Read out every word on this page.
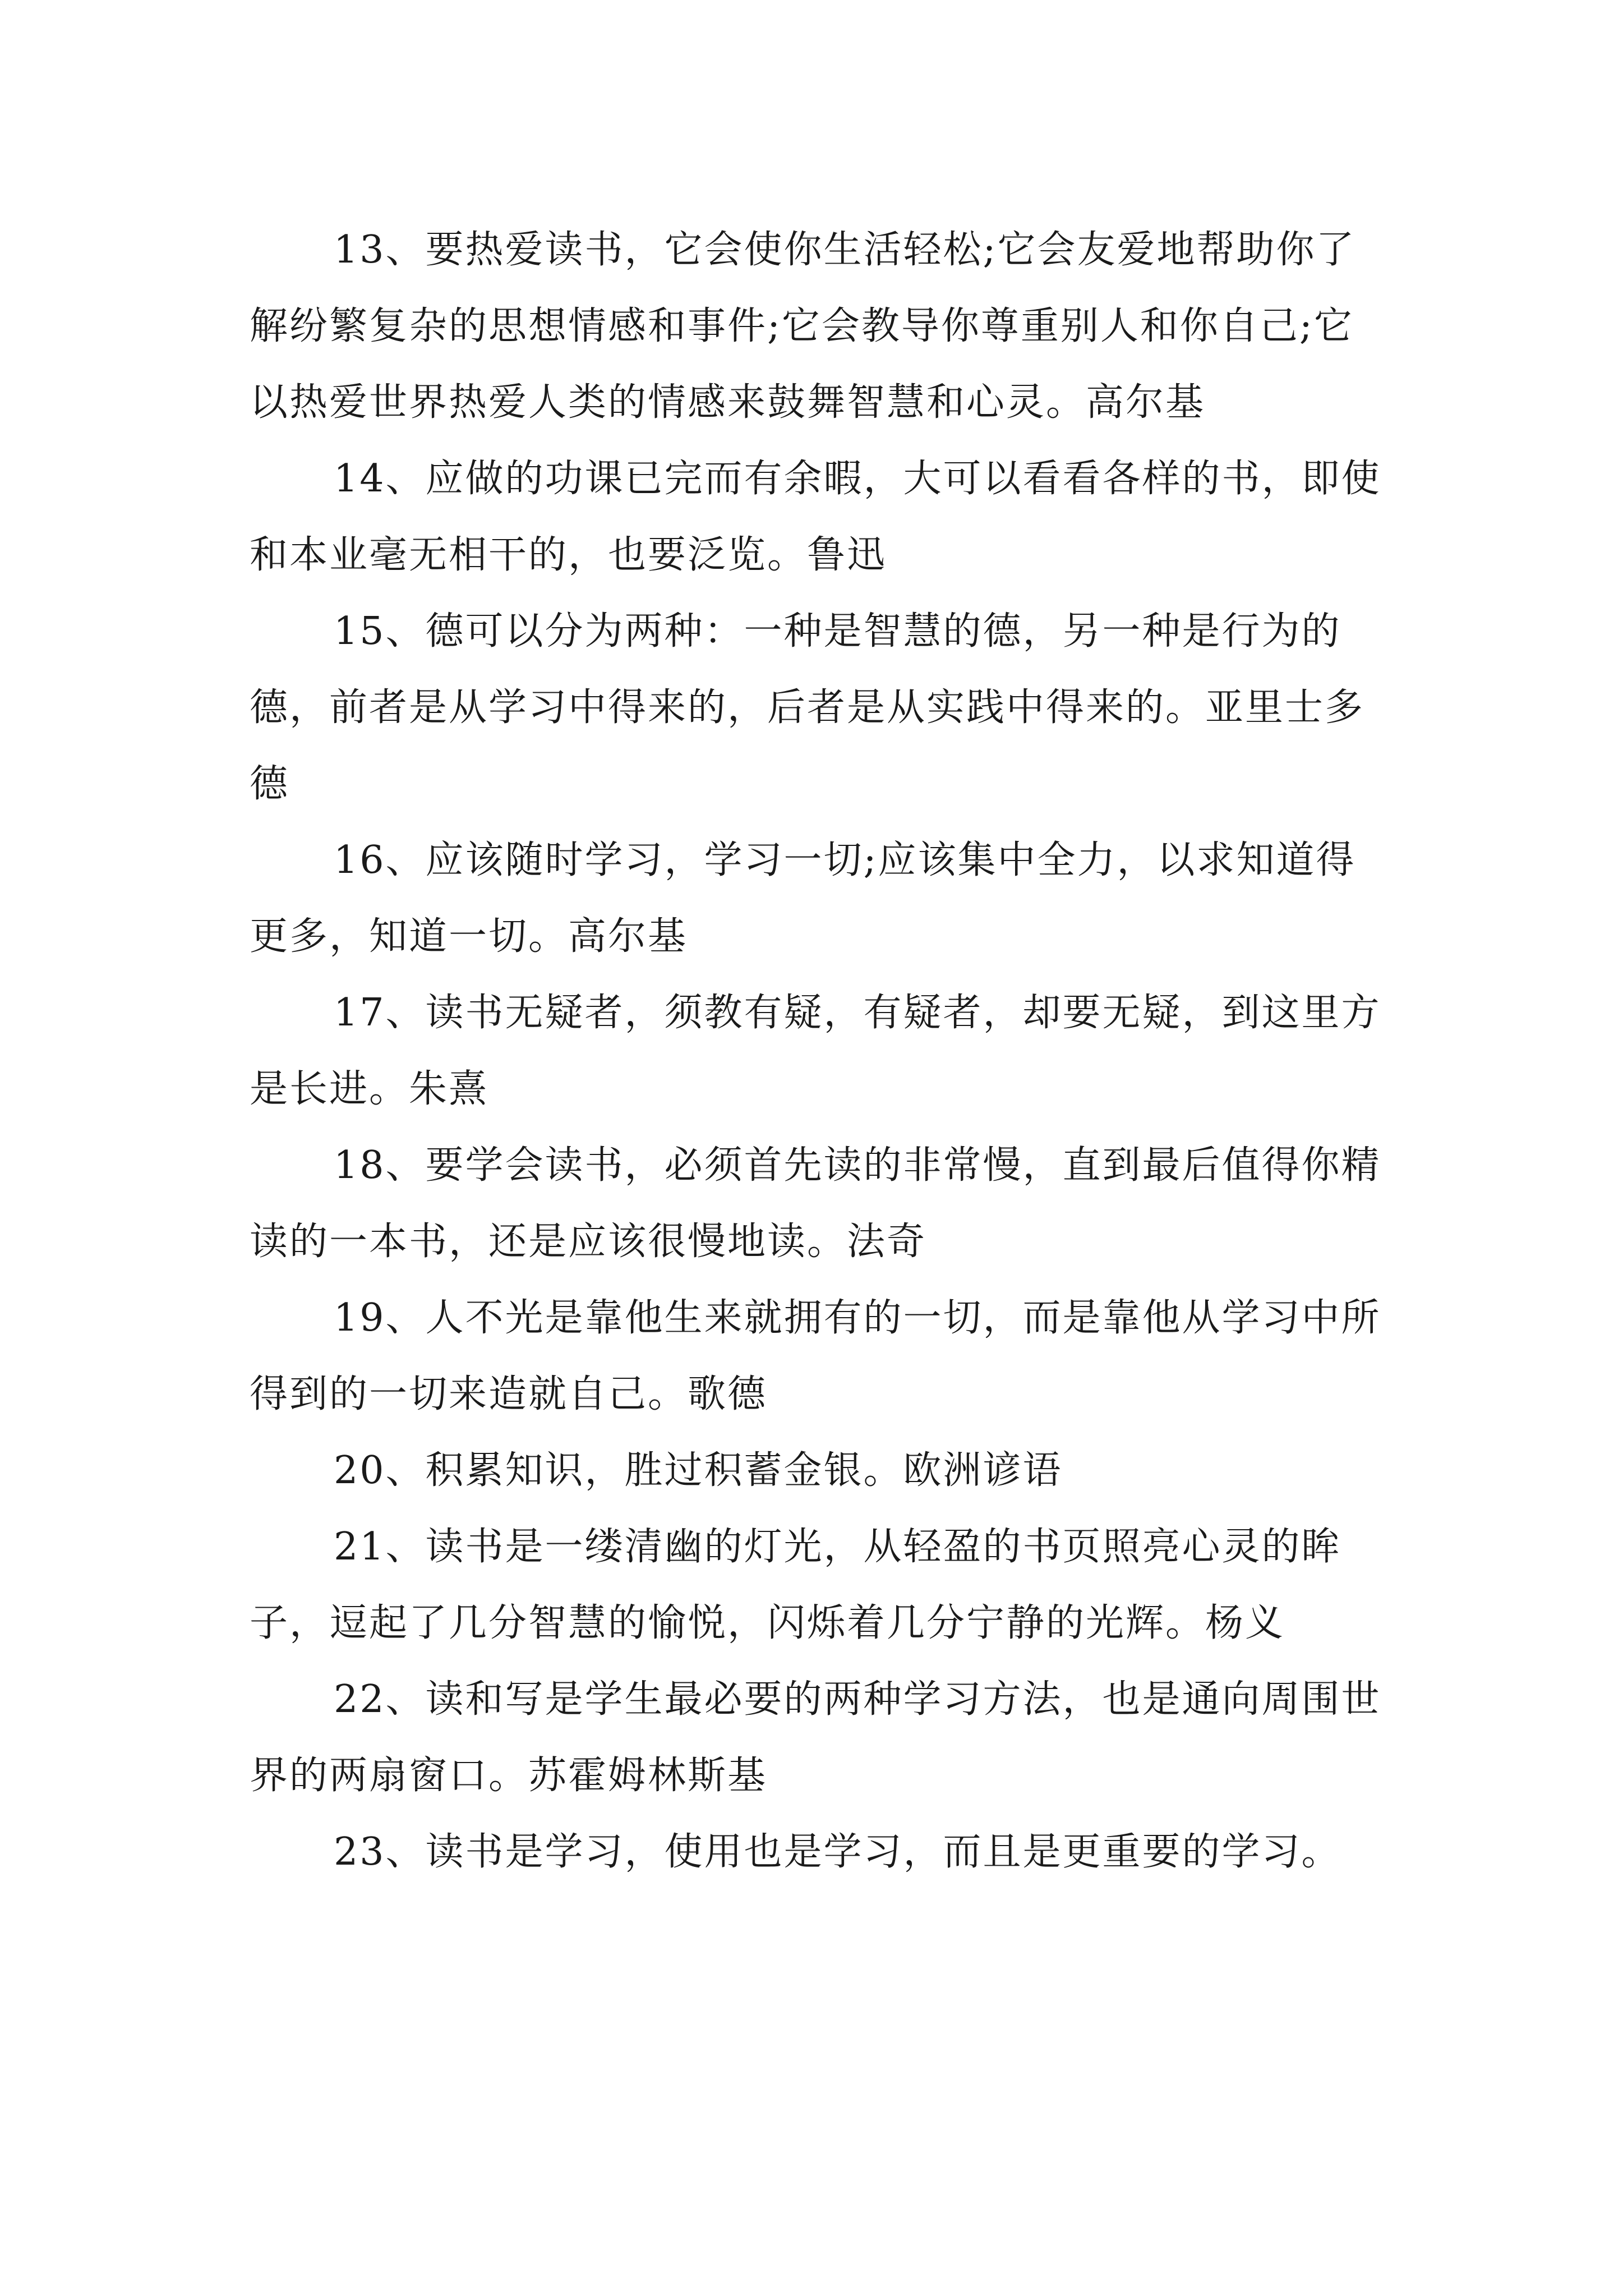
13、要热爱读书，它会使你生活轻松;它会友爱地帮助你了解纷繁复杂的思想情感和事件;它会教导你尊重别人和你自己;它以热爱世界热爱人类的情感来鼓舞智慧和心灵。高尔基

14、应做的功课已完而有余暇，大可以看看各样的书，即使和本业毫无相干的，也要泛览。鲁迅

15、德可以分为两种：一种是智慧的德，另一种是行为的德，前者是从学习中得来的，后者是从实践中得来的。亚里士多德

16、应该随时学习，学习一切;应该集中全力，以求知道得更多，知道一切。高尔基

17、读书无疑者，须教有疑，有疑者，却要无疑，到这里方是长进。朱熹

18、要学会读书，必须首先读的非常慢，直到最后值得你精读的一本书，还是应该很慢地读。法奇

19、人不光是靠他生来就拥有的一切，而是靠他从学习中所得到的一切来造就自己。歌德

20、积累知识，胜过积蓄金银。欧洲谚语

21、读书是一缕清幽的灯光，从轻盈的书页照亮心灵的眸子，逗起了几分智慧的愉悦，闪烁着几分宁静的光辉。杨义

22、读和写是学生最必要的两种学习方法，也是通向周围世界的两扇窗口。苏霍姆林斯基

23、读书是学习，使用也是学习，而且是更重要的学习。
